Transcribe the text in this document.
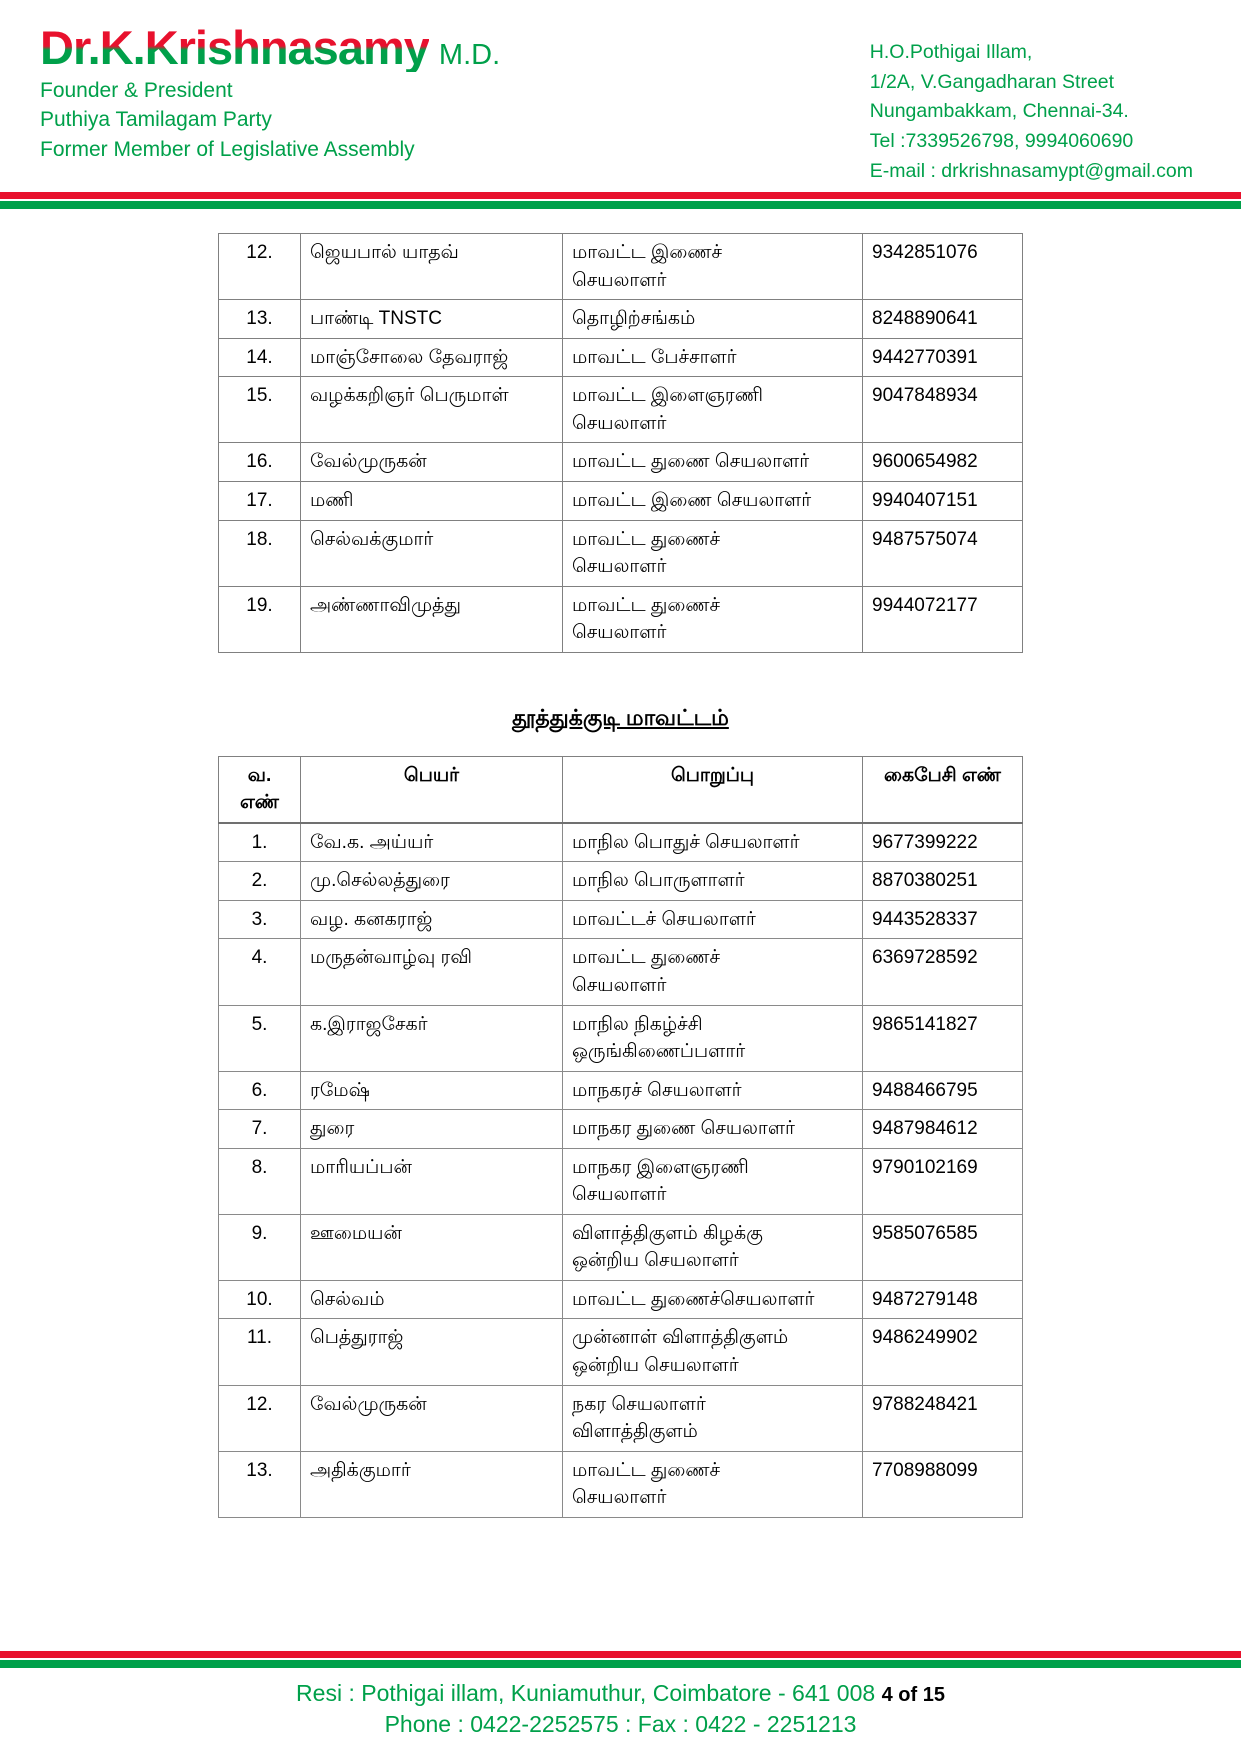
Dr.K.Krishnasamy M.D.
Founder & President
Puthiya Tamilagam Party
Former Member of Legislative Assembly
H.O.Pothigai Illam,
1/2A, V.Gangadharan Street
Nungambakkam, Chennai-34.
Tel :7339526798, 9994060690
E-mail : drkrishnasamypt@gmail.com
12.	ஜெயபால் யாதவ்	மாவட்ட இணைச்
செயலாளர்	9342851076
13.	பாண்டி TNSTC	தொழிற்சங்கம்	8248890641
14.	மாஞ்சோலை தேவராஜ்	மாவட்ட பேச்சாளர்	9442770391
15.	வழக்கறிஞர் பெருமாள்	மாவட்ட இளைஞரணி
செயலாளர்	9047848934
16.	வேல்முருகன்	மாவட்ட துணை செயலாளர்	9600654982
17.	மணி	மாவட்ட இணை செயலாளர்	9940407151
18.	செல்வக்குமார்	மாவட்ட துணைச்
செயலாளர்	9487575074
19.	அண்ணாவிமுத்து	மாவட்ட துணைச்
செயலாளர்	9944072177
தூத்துக்குடி மாவட்டம்
வ. எண்	பெயர்	பொறுப்பு	கைபேசி எண்
1.	வே.க. அய்யர்	மாநில பொதுச் செயலாளர்	9677399222
2.	மு.செல்லத்துரை	மாநில பொருளாளர்	8870380251
3.	வழ. கனகராஜ்	மாவட்டச் செயலாளர்	9443528337
4.	மருதன்வாழ்வு ரவி	மாவட்ட துணைச்
செயலாளர்	6369728592
5.	க.இராஜசேகர்	மாநில நிகழ்ச்சி
ஒருங்கிணைப்பளார்	9865141827
6.	ரமேஷ்	மாநகரச் செயலாளர்	9488466795
7.	துரை	மாநகர துணை செயலாளர்	9487984612
8.	மாரியப்பன்	மாநகர இளைஞரணி
செயலாளர்	9790102169
9.	ஊமையன்	விளாத்திகுளம் கிழக்கு
ஒன்றிய செயலாளர்	9585076585
10.	செல்வம்	மாவட்ட துணைச்செயலாளர்	9487279148
11.	பெத்துராஜ்	முன்னாள் விளாத்திகுளம்
ஒன்றிய செயலாளர்	9486249902
12.	வேல்முருகன்	நகர செயலாளர்
விளாத்திகுளம்	9788248421
13.	அதிக்குமார்	மாவட்ட துணைச்
செயலாளர்	7708988099
Resi : Pothigai illam, Kuniamuthur, Coimbatore - 641 008 4 of 15
Phone : 0422-2252575 : Fax : 0422 - 2251213
